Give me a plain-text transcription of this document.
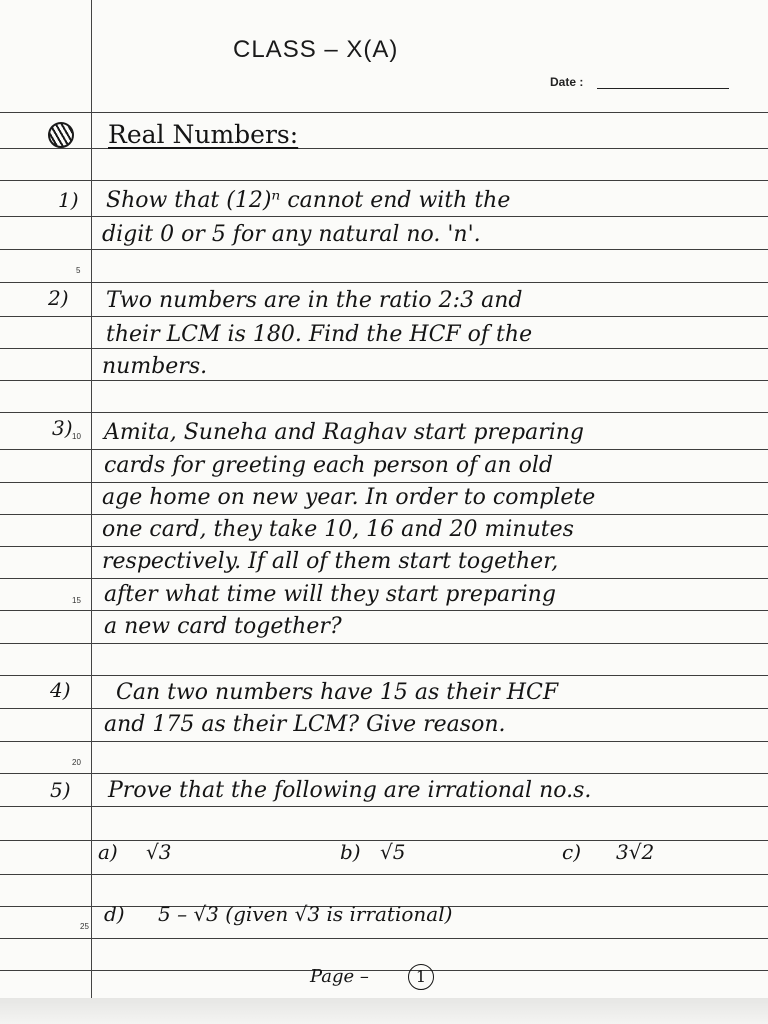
5
10
15
20
25
CLASS – X(A)
Date :
Real Numbers:
1) Show that (12)ⁿ cannot end with the
digit 0 or 5 for any natural no. 'n'.
2) Two numbers are in the ratio 2:3 and
their LCM is 180. Find the HCF of the
numbers.
3) Amita, Suneha and Raghav start preparing
cards for greeting each person of an old
age home on new year. In order to complete
one card, they take 10, 16 and 20 minutes
respectively. If all of them start together,
after what time will they start preparing
a new card together?
4) Can two numbers have 15 as their HCF
and 175 as their LCM? Give reason.
5) Prove that the following are irrational no.s.
a) √3	b) √5	c) 3√2
d) 5 – √3 (given √3 is irrational)
Page –	1
